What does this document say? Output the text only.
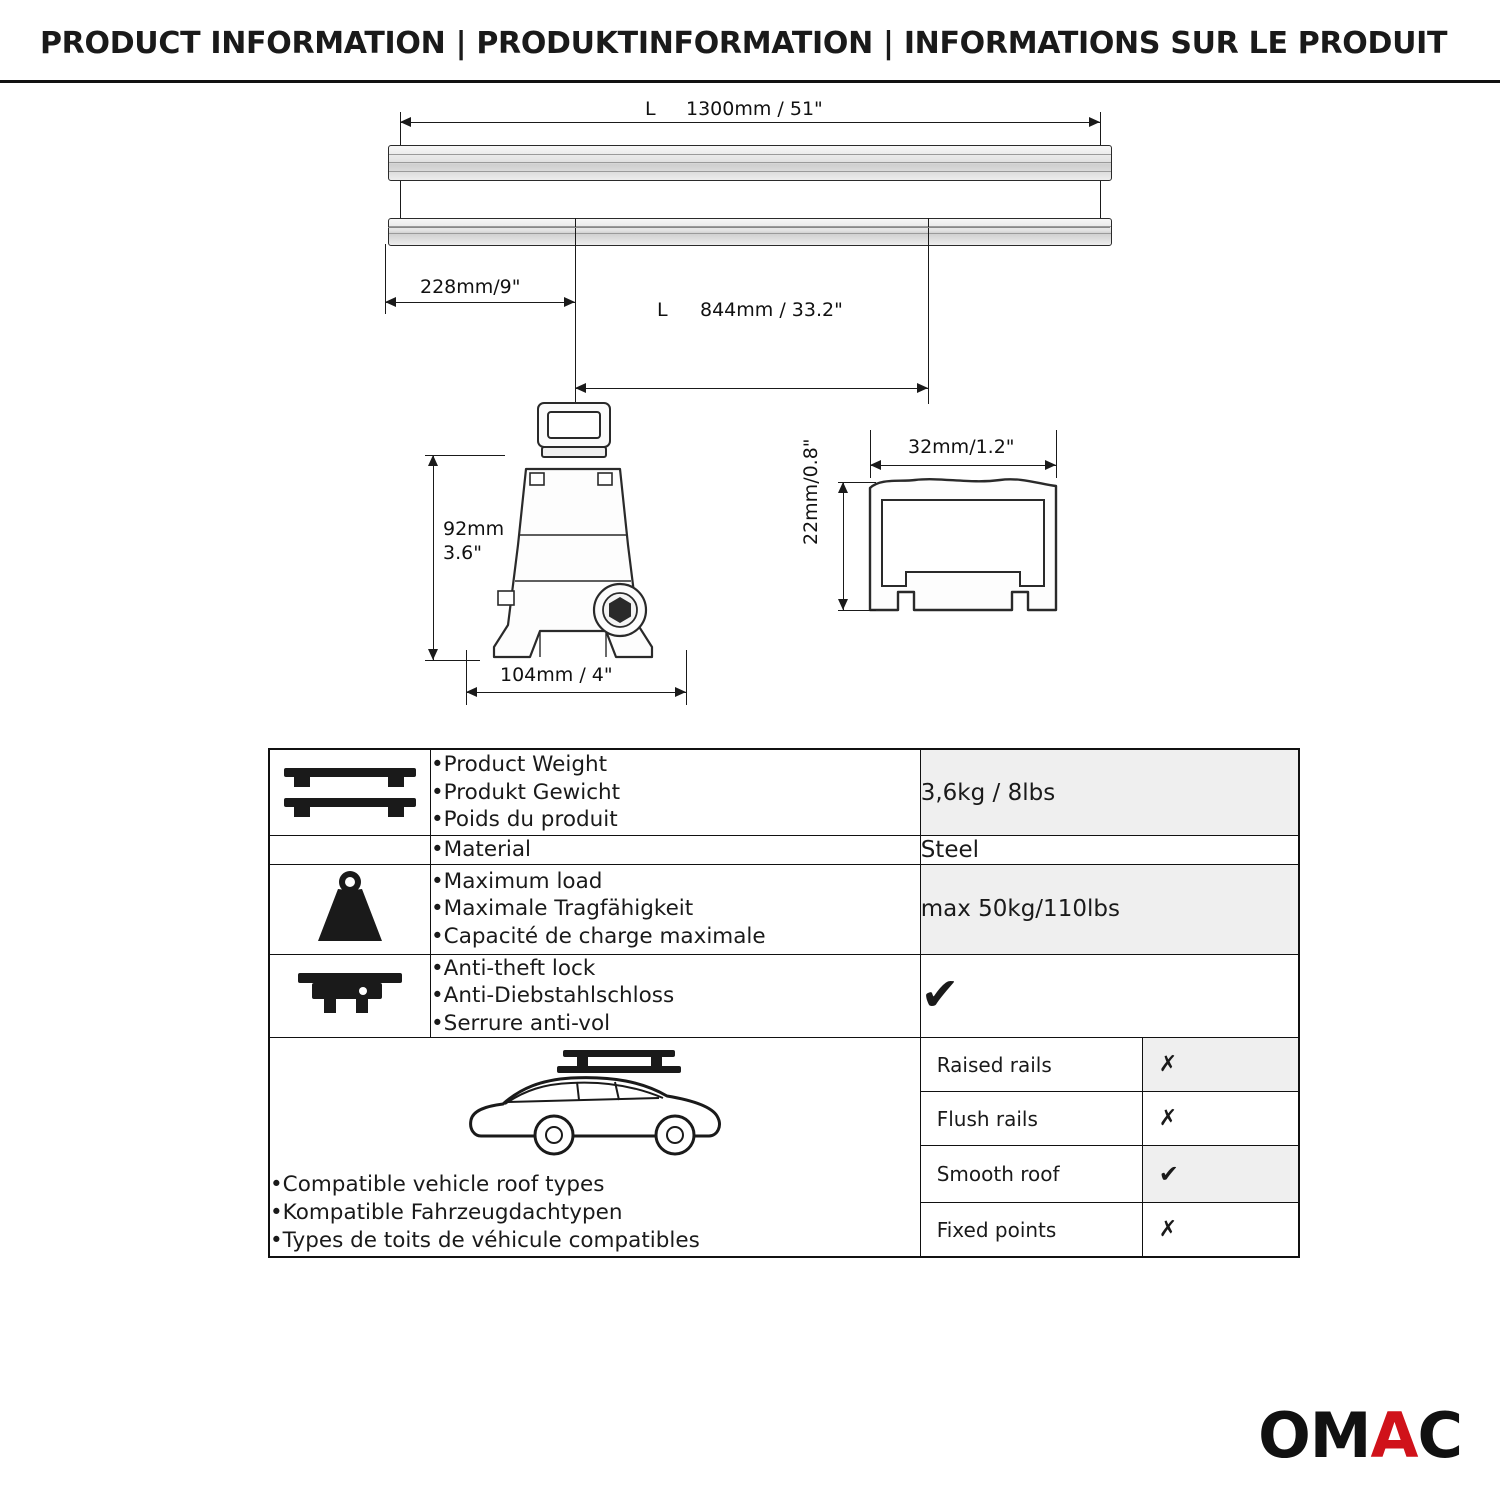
PRODUCT INFORMATION | PRODUKTINFORMATION | INFORMATIONS SUR LE PRODUIT
L 1300mm / 51"
228mm/9"
L 844mm / 33.2"
92mm
3.6"
104mm / 4"
32mm/1.2"
22mm/0.8"

•Product Weight
•Produkt Gewicht
•Poids du produit
	3,6kg / 8lbs

•Material	Steel

•Maximum load
•Maximale Tragfähigkeit
•Capacité de charge maximale
	max 50kg/110lbs

•Anti-theft lock
•Anti-Diebstahlschloss
•Serrure anti-vol
	✔

•Compatible vehicle roof types
•Kompatible Fahrzeugdachtypen
•Types de toits de véhicule compatibles

Raised rails	✗
Flush rails	✗
Smooth roof	✔
Fixed points	✗
OMAC
